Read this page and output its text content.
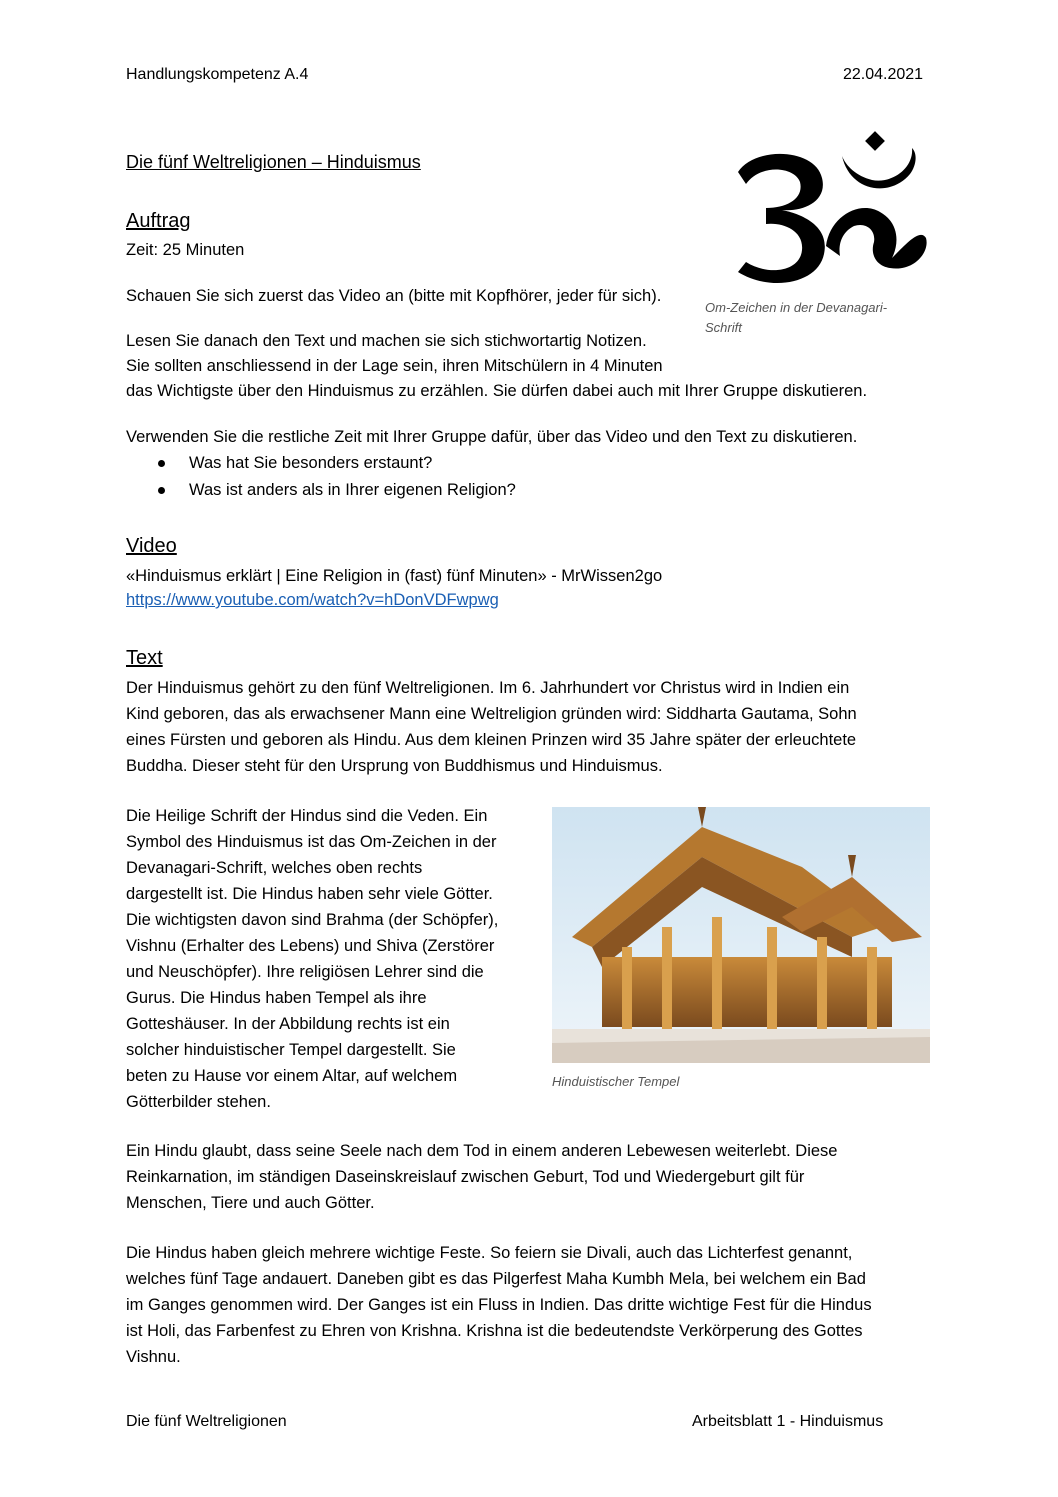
Handlungskompetenz A.4	22.04.2021
Die fünf Weltreligionen – Hinduismus
Om-Zeichen in der Devanagari-
Schrift
Auftrag
Zeit: 25 Minuten
Schauen Sie sich zuerst das Video an (bitte mit Kopfhörer, jeder für sich).
Lesen Sie danach den Text und machen sie sich stichwortartig Notizen.
Sie sollten anschliessend in der Lage sein, ihren Mitschülern in 4 Minuten
das Wichtigste über den Hinduismus zu erzählen. Sie dürfen dabei auch mit Ihrer Gruppe diskutieren.
Verwenden Sie die restliche Zeit mit Ihrer Gruppe dafür, über das Video und den Text zu diskutieren.
Was hat Sie besonders erstaunt?
Was ist anders als in Ihrer eigenen Religion?
Video
«Hinduismus erklärt | Eine Religion in (fast) fünf Minuten» - MrWissen2go
https://www.youtube.com/watch?v=hDonVDFwpwg
Text
Der Hinduismus gehört zu den fünf Weltreligionen. Im 6. Jahrhundert vor Christus wird in Indien ein
Kind geboren, das als erwachsener Mann eine Weltreligion gründen wird: Siddharta Gautama, Sohn
eines Fürsten und geboren als Hindu. Aus dem kleinen Prinzen wird 35 Jahre später der erleuchtete
Buddha. Dieser steht für den Ursprung von Buddhismus und Hinduismus.
Die Heilige Schrift der Hindus sind die Veden. Ein
Symbol des Hinduismus ist das Om-Zeichen in der
Devanagari-Schrift, welches oben rechts
dargestellt ist. Die Hindus haben sehr viele Götter.
Die wichtigsten davon sind Brahma (der Schöpfer),
Vishnu (Erhalter des Lebens) und Shiva (Zerstörer
und Neuschöpfer). Ihre religiösen Lehrer sind die
Gurus. Die Hindus haben Tempel als ihre
Gotteshäuser. In der Abbildung rechts ist ein
solcher hinduistischer Tempel dargestellt. Sie
beten zu Hause vor einem Altar, auf welchem
Götterbilder stehen.
Hinduistischer Tempel
Ein Hindu glaubt, dass seine Seele nach dem Tod in einem anderen Lebewesen weiterlebt. Diese
Reinkarnation, im ständigen Daseinskreislauf zwischen Geburt, Tod und Wiedergeburt gilt für
Menschen, Tiere und auch Götter.
Die Hindus haben gleich mehrere wichtige Feste. So feiern sie Divali, auch das Lichterfest genannt,
welches fünf Tage andauert. Daneben gibt es das Pilgerfest Maha Kumbh Mela, bei welchem ein Bad
im Ganges genommen wird. Der Ganges ist ein Fluss in Indien. Das dritte wichtige Fest für die Hindus
ist Holi, das Farbenfest zu Ehren von Krishna. Krishna ist die bedeutendste Verkörperung des Gottes
Vishnu.
Die fünf Weltreligionen	Arbeitsblatt 1 - Hinduismus
